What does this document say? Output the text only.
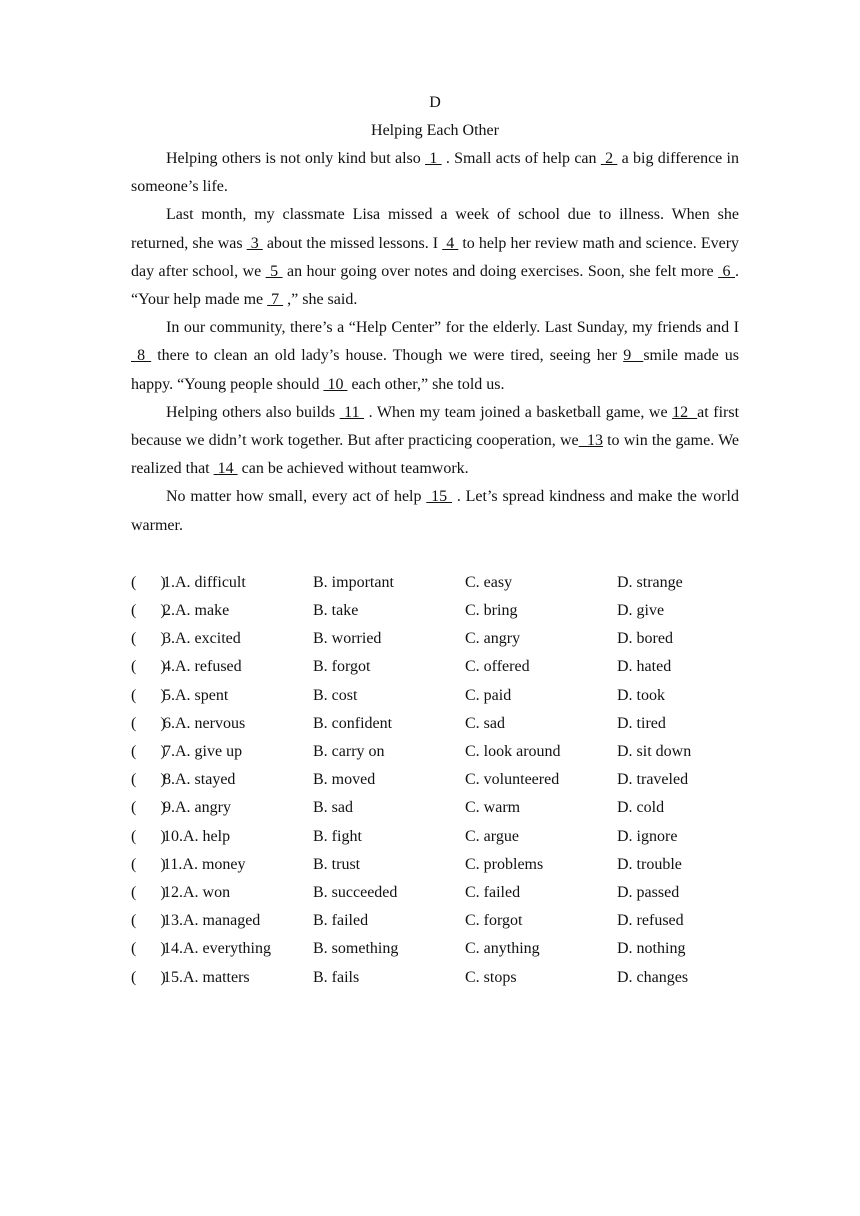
D

Helping Each Other

Helping others is not only kind but also  1  . Small acts of help can  2  a big difference in someone’s life.

Last month, my classmate Lisa missed a week of school due to illness. When she returned, she was  3  about the missed lessons. I  4  to help her review math and science. Every day after school, we  5  an hour going over notes and doing exercises. Soon, she felt more  6 . “Your help made me  7  ,” she said.

In our community, there’s a “Help Center” for the elderly. Last Sunday, my friends and I  8  there to clean an old lady’s house. Though we were tired, seeing her 9  smile made us happy. “Young people should  10  each other,” she told us.

Helping others also builds  11  . When my team joined a basketball game, we 12  at first because we didn’t work together. But after practicing cooperation, we  13 to win the game. We realized that  14  can be achieved without teamwork.

No matter how small, every act of help  15  . Let’s spread kindness and make the world warmer.

(      )
1.A. difficult	B. important	C. easy	D. strange
(      )
2.A. make	B. take	C. bring	D. give
(      )
3.A. excited	B. worried	C. angry	D. bored
(      )
4.A. refused	B. forgot	C. offered	D. hated
(      )
5.A. spent	B. cost	C. paid	D. took
(      )
6.A. nervous	B. confident	C. sad	D. tired
(      )
7.A. give up	B. carry on	C. look around	D. sit down
(      )
8.A. stayed	B. moved	C. volunteered	D. traveled
(      )
9.A. angry	B. sad	C. warm	D. cold
(      )
10.A. help	B. fight	C. argue	D. ignore
(      )
11.A. money	B. trust	C. problems	D. trouble
(      )
12.A. won	B. succeeded	C. failed	D. passed
(      )
13.A. managed	B. failed	C. forgot	D. refused
(      )
14.A. everything	B. something	C. anything	D. nothing
(      )
15.A. matters	B. fails	C. stops	D. changes
